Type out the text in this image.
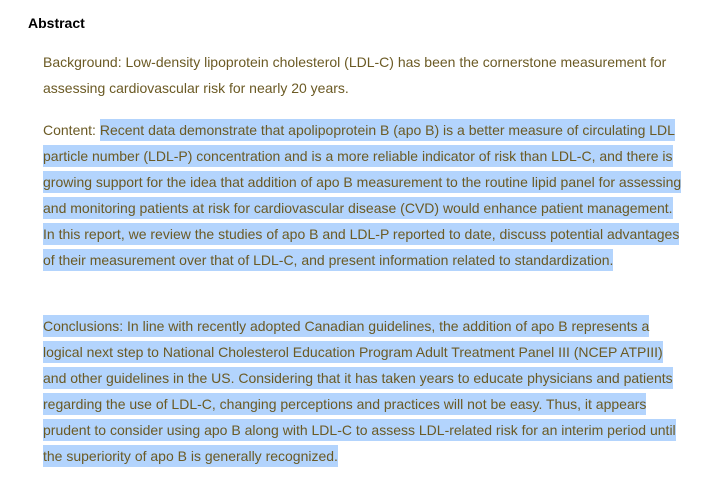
Abstract

Background: Low-density lipoprotein cholesterol (LDL-C) has been the cornerstone measurement for assessing cardiovascular risk for nearly 20 years.

Content: Recent data demonstrate that apolipoprotein B (apo B) is a better measure of circulating LDL particle number (LDL-P) concentration and is a more reliable indicator of risk than LDL-C, and there is growing support for the idea that addition of apo B measurement to the routine lipid panel for assessing and monitoring patients at risk for cardiovascular disease (CVD) would enhance patient management. In this report, we review the studies of apo B and LDL-P reported to date, discuss potential advantages of their measurement over that of LDL-C, and present information related to standardization.

Conclusions: In line with recently adopted Canadian guidelines, the addition of apo B represents a logical next step to National Cholesterol Education Program Adult Treatment Panel III (NCEP ATPIII) and other guidelines in the US. Considering that it has taken years to educate physicians and patients regarding the use of LDL-C, changing perceptions and practices will not be easy. Thus, it appears prudent to consider using apo B along with LDL-C to assess LDL-related risk for an interim period until the superiority of apo B is generally recognized.
